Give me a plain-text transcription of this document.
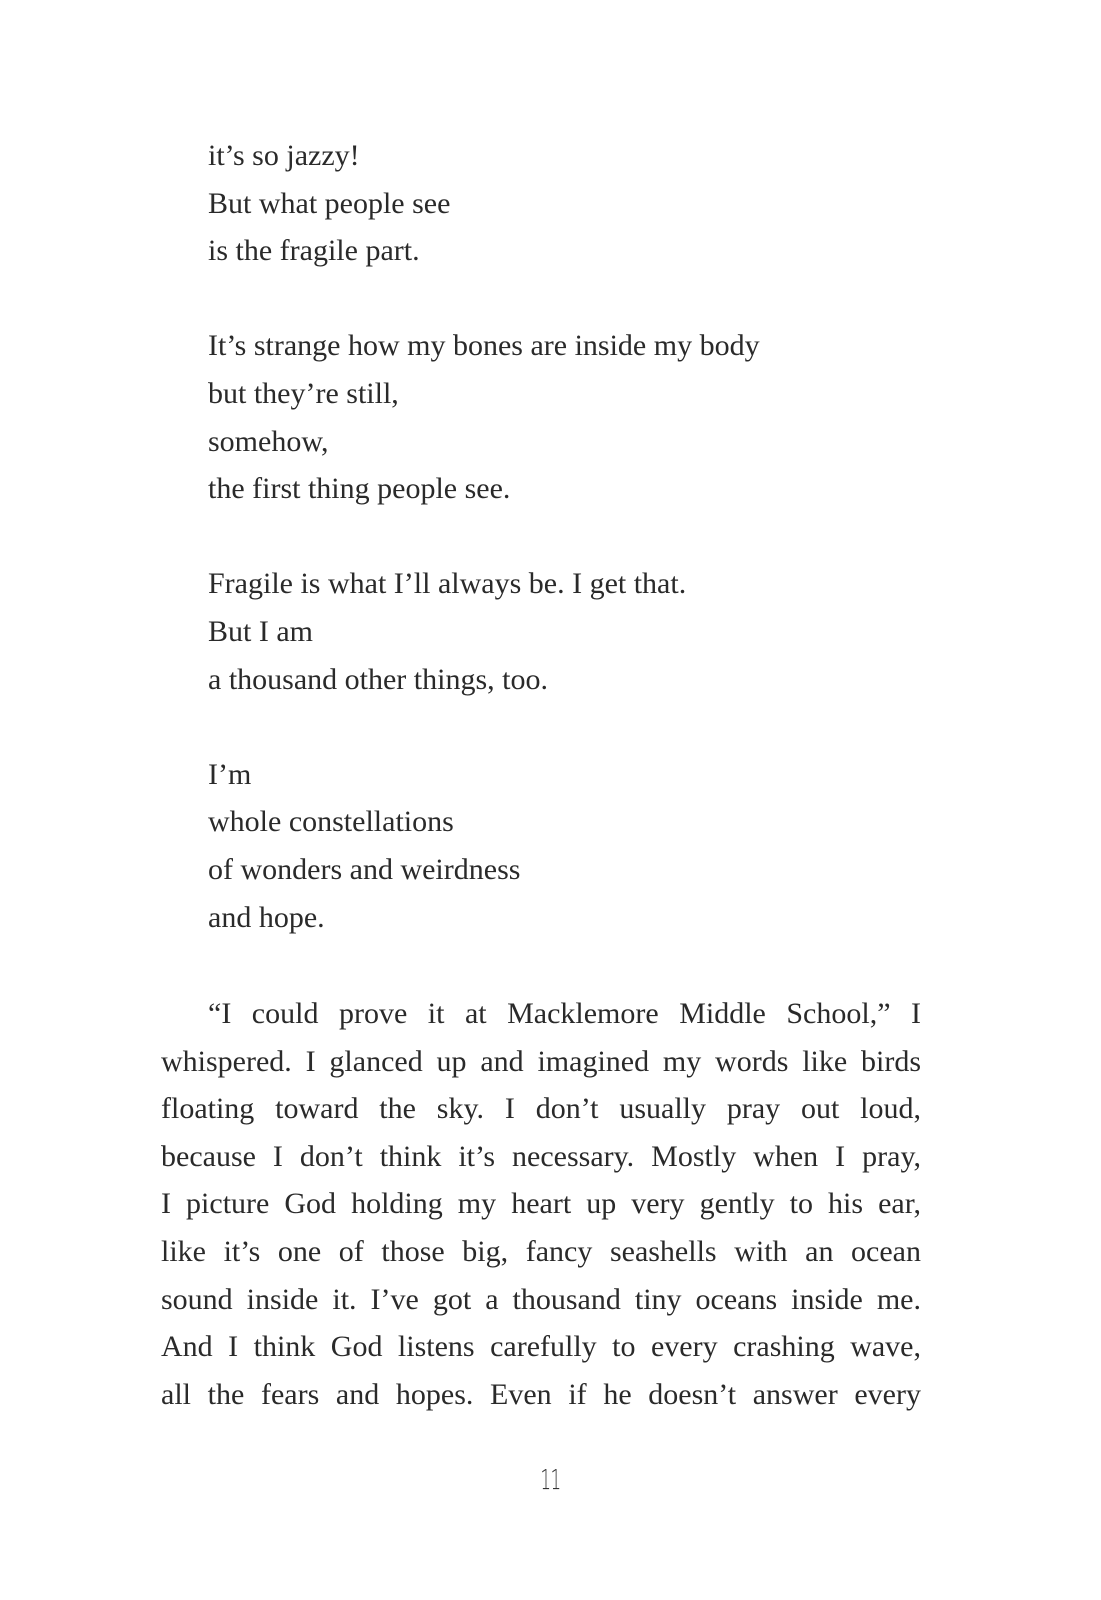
it’s so jazzy!
But what people see
is the fragile part.
It’s strange how my bones are inside my body
but they’re still,
somehow,
the first thing people see.
Fragile is what I’ll always be. I get that.
But I am
a thousand other things, too.
I’m
whole constellations
of wonders and weirdness
and hope.
“I could prove it at Macklemore Middle School,” I
whispered. I glanced up and imagined my words like birds
floating toward the sky. I don’t usually pray out loud,
because I don’t think it’s necessary. Mostly when I pray,
I picture God holding my heart up very gently to his ear,
like it’s one of those big, fancy seashells with an ocean
sound inside it. I’ve got a thousand tiny oceans inside me.
And I think God listens carefully to every crashing wave,
all the fears and hopes. Even if he doesn’t answer every
11
